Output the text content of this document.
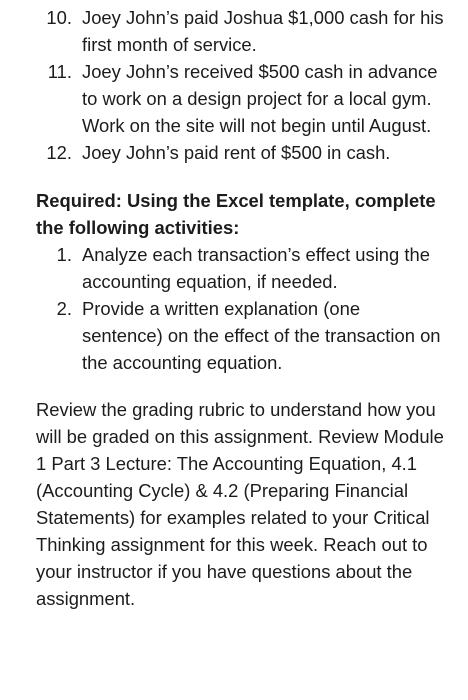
10. Joey John’s paid Joshua $1,000 cash for his first month of service.
11. Joey John’s received $500 cash in advance to work on a design project for a local gym. Work on the site will not begin until August.
12. Joey John’s paid rent of $500 in cash.
Required: Using the Excel template, complete the following activities:
1. Analyze each transaction’s effect using the accounting equation, if needed.
2. Provide a written explanation (one sentence) on the effect of the transaction on the accounting equation.
Review the grading rubric to understand how you will be graded on this assignment. Review Module 1 Part 3 Lecture: The Accounting Equation, 4.1 (Accounting Cycle) & 4.2 (Preparing Financial Statements) for examples related to your Critical Thinking assignment for this week. Reach out to your instructor if you have questions about the assignment.
